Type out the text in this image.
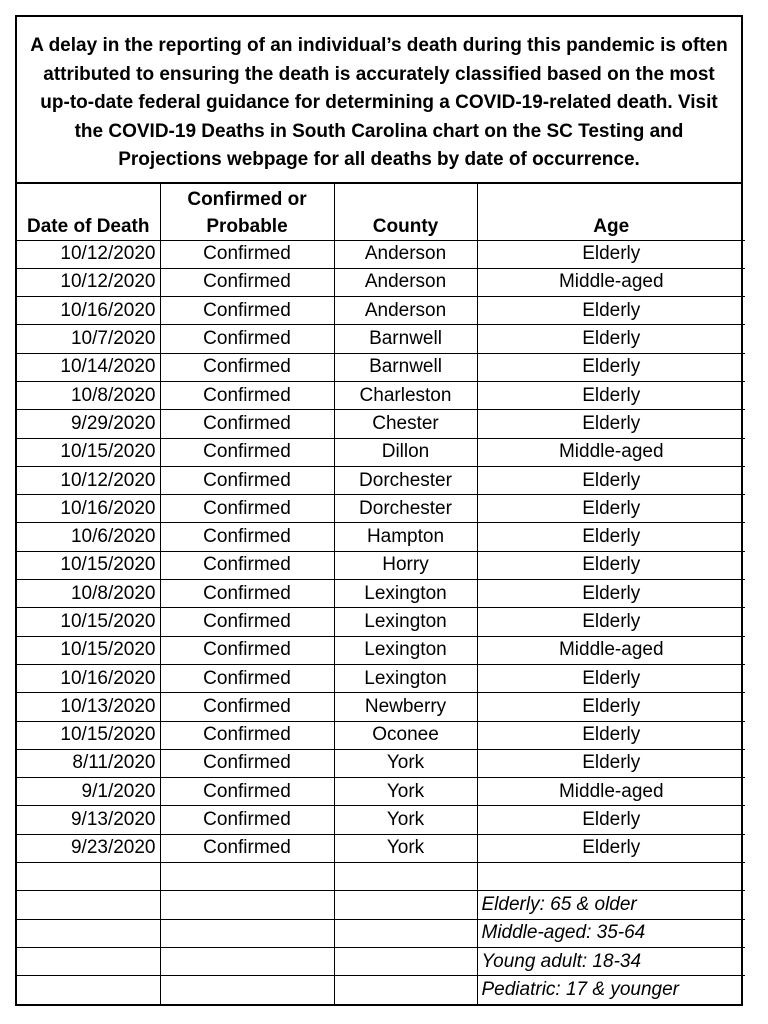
A delay in the reporting of an individual’s death during this pandemic is often attributed to ensuring the death is accurately classified based on the most up-to-date federal guidance for determining a COVID-19-related death. Visit the COVID-19 Deaths in South Carolina chart on the SC Testing and Projections webpage for all deaths by date of occurrence.
Date of Death	Confirmed or Probable	County	Age
10/12/2020	Confirmed	Anderson	Elderly
10/12/2020	Confirmed	Anderson	Middle-aged
10/16/2020	Confirmed	Anderson	Elderly
10/7/2020	Confirmed	Barnwell	Elderly
10/14/2020	Confirmed	Barnwell	Elderly
10/8/2020	Confirmed	Charleston	Elderly
9/29/2020	Confirmed	Chester	Elderly
10/15/2020	Confirmed	Dillon	Middle-aged
10/12/2020	Confirmed	Dorchester	Elderly
10/16/2020	Confirmed	Dorchester	Elderly
10/6/2020	Confirmed	Hampton	Elderly
10/15/2020	Confirmed	Horry	Elderly
10/8/2020	Confirmed	Lexington	Elderly
10/15/2020	Confirmed	Lexington	Elderly
10/15/2020	Confirmed	Lexington	Middle-aged
10/16/2020	Confirmed	Lexington	Elderly
10/13/2020	Confirmed	Newberry	Elderly
10/15/2020	Confirmed	Oconee	Elderly
8/11/2020	Confirmed	York	Elderly
9/1/2020	Confirmed	York	Middle-aged
9/13/2020	Confirmed	York	Elderly
9/23/2020	Confirmed	York	Elderly

			Elderly: 65 & older
			Middle-aged: 35-64
			Young adult: 18-34
			Pediatric: 17 & younger
